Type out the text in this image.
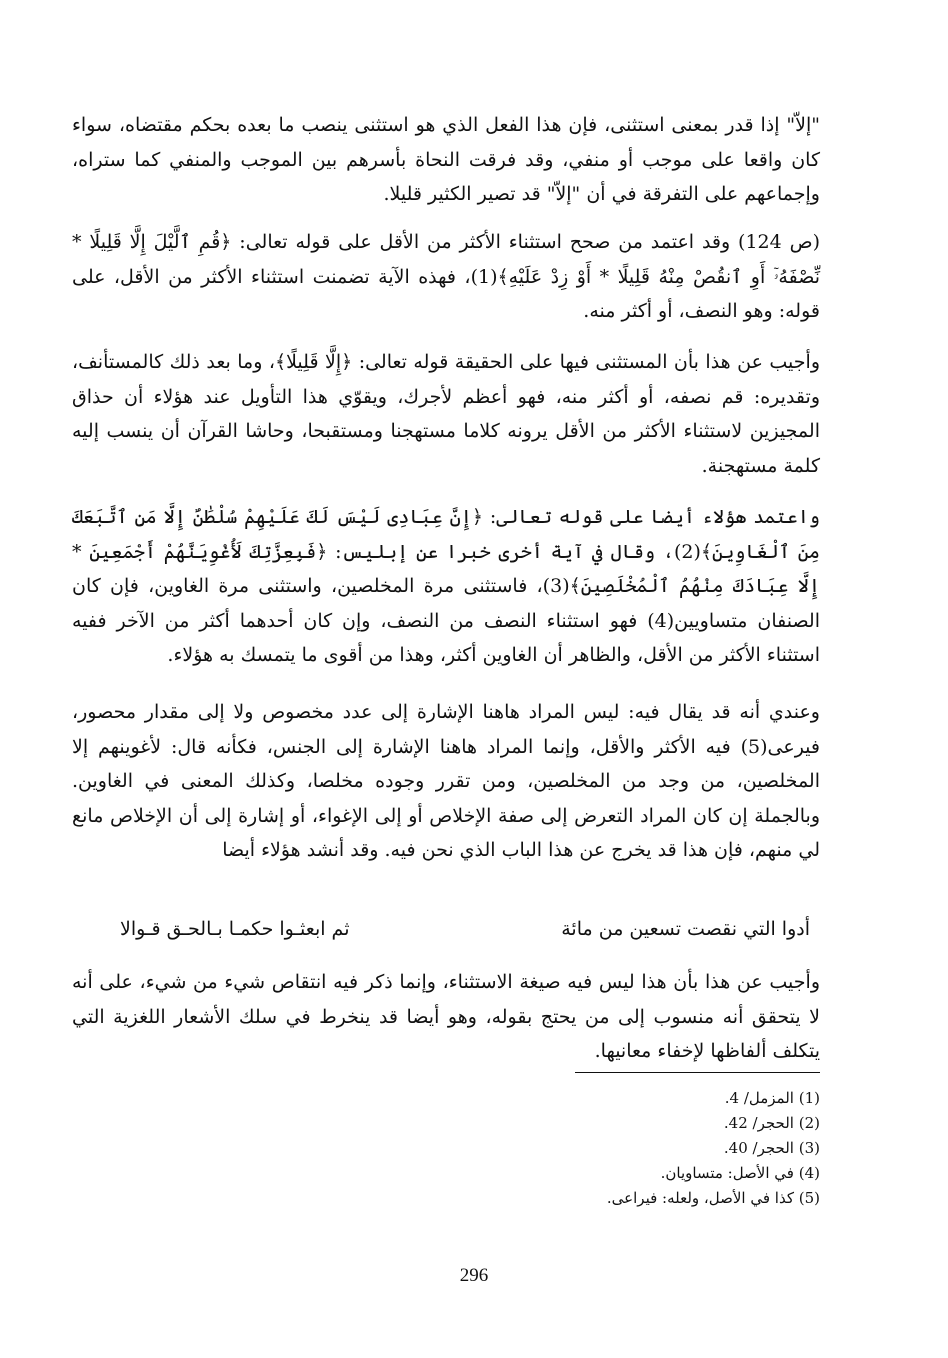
"إلاّ" إذا قدر بمعنى استثنى، فإن هذا الفعل الذي هو استثنى ينصب ما بعده بحكم مقتضاه، سواء كان واقعا على موجب أو منفي، وقد فرقت النحاة بأسرهم بين الموجب والمنفي كما ستراه، وإجماعهم على التفرقة في أن "إلاّ" قد تصير الكثير قليلا.

(ص 124) وقد اعتمد من صحح استثناء الأكثر من الأقل على قوله تعالى: ﴿قُمِ ٱلَّيْلَ إِلَّا قَلِيلًا * نِّصْفَهُۥٓ أَوِ ٱنقُصْ مِنْهُ قَلِيلًا * أَوْ زِدْ عَلَيْهِ﴾(1)، فهذه الآية تضمنت استثناء الأكثر من الأقل، على قوله: وهو النصف، أو أكثر منه.

وأجيب عن هذا بأن المستثنى فيها على الحقيقة قوله تعالى: ﴿إِلَّا قَلِيلًا﴾، وما بعد ذلك كالمستأنف، وتقديره: قم نصفه، أو أكثر منه، فهو أعظم لأجرك، ويقوّي هذا التأويل عند هؤلاء أن حذاق المجيزين لاستثناء الأكثر من الأقل يرونه كلاما مستهجنا ومستقبحا، وحاشا القرآن أن ينسب إليه كلمة مستهجنة.

واعتمد هؤلاء أيضا على قوله تعالى: ﴿إِنَّ عِبَادِى لَيْسَ لَكَ عَلَيْهِمْ سُلْطَٰنٌ إِلَّا مَنِ ٱتَّبَعَكَ مِنَ ٱلْغَاوِينَ﴾(2)، وقال في آية أخرى خبرا عن إبليس: ﴿فَبِعِزَّتِكَ لَأُغْوِيَنَّهُمْ أَجْمَعِينَ * إِلَّا عِبَادَكَ مِنْهُمُ ٱلْمُخْلَصِينَ﴾(3)، فاستثنى مرة المخلصين، واستثنى مرة الغاوين، فإن كان الصنفان متساويين(4) فهو استثناء النصف من النصف، وإن كان أحدهما أكثر من الآخر ففيه استثناء الأكثر من الأقل، والظاهر أن الغاوين أكثر، وهذا من أقوى ما يتمسك به هؤلاء.

وعندي أنه قد يقال فيه: ليس المراد هاهنا الإشارة إلى عدد مخصوص ولا إلى مقدار محصور، فيرعى(5) فيه الأكثر والأقل، وإنما المراد هاهنا الإشارة إلى الجنس، فكأنه قال: لأغوينهم إلا المخلصين، من وجد من المخلصين، ومن تقرر وجوده مخلصا، وكذلك المعنى في الغاوين. وبالجملة إن كان المراد التعرض إلى صفة الإخلاص أو إلى الإغواء، أو إشارة إلى أن الإخلاص مانع لي منهم، فإن هذا قد يخرج عن هذا الباب الذي نحن فيه. وقد أنشد هؤلاء أيضا

أدوا التي نقصت تسعين من مائة
ثم ابعثـوا حكمـا بـالحـق قـوالا

وأجيب عن هذا بأن هذا ليس فيه صيغة الاستثناء، وإنما ذكر فيه انتقاص شيء من شيء، على أنه لا يتحقق أنه منسوب إلى من يحتج بقوله، وهو أيضا قد ينخرط في سلك الأشعار اللغزية التي يتكلف ألفاظها لإخفاء معانيها.

(1) المزمل/ 4.
(2) الحجر/ 42.
(3) الحجر/ 40.
(4) في الأصل: متساويان.
(5) كذا في الأصل، ولعله: فيراعى.
296
